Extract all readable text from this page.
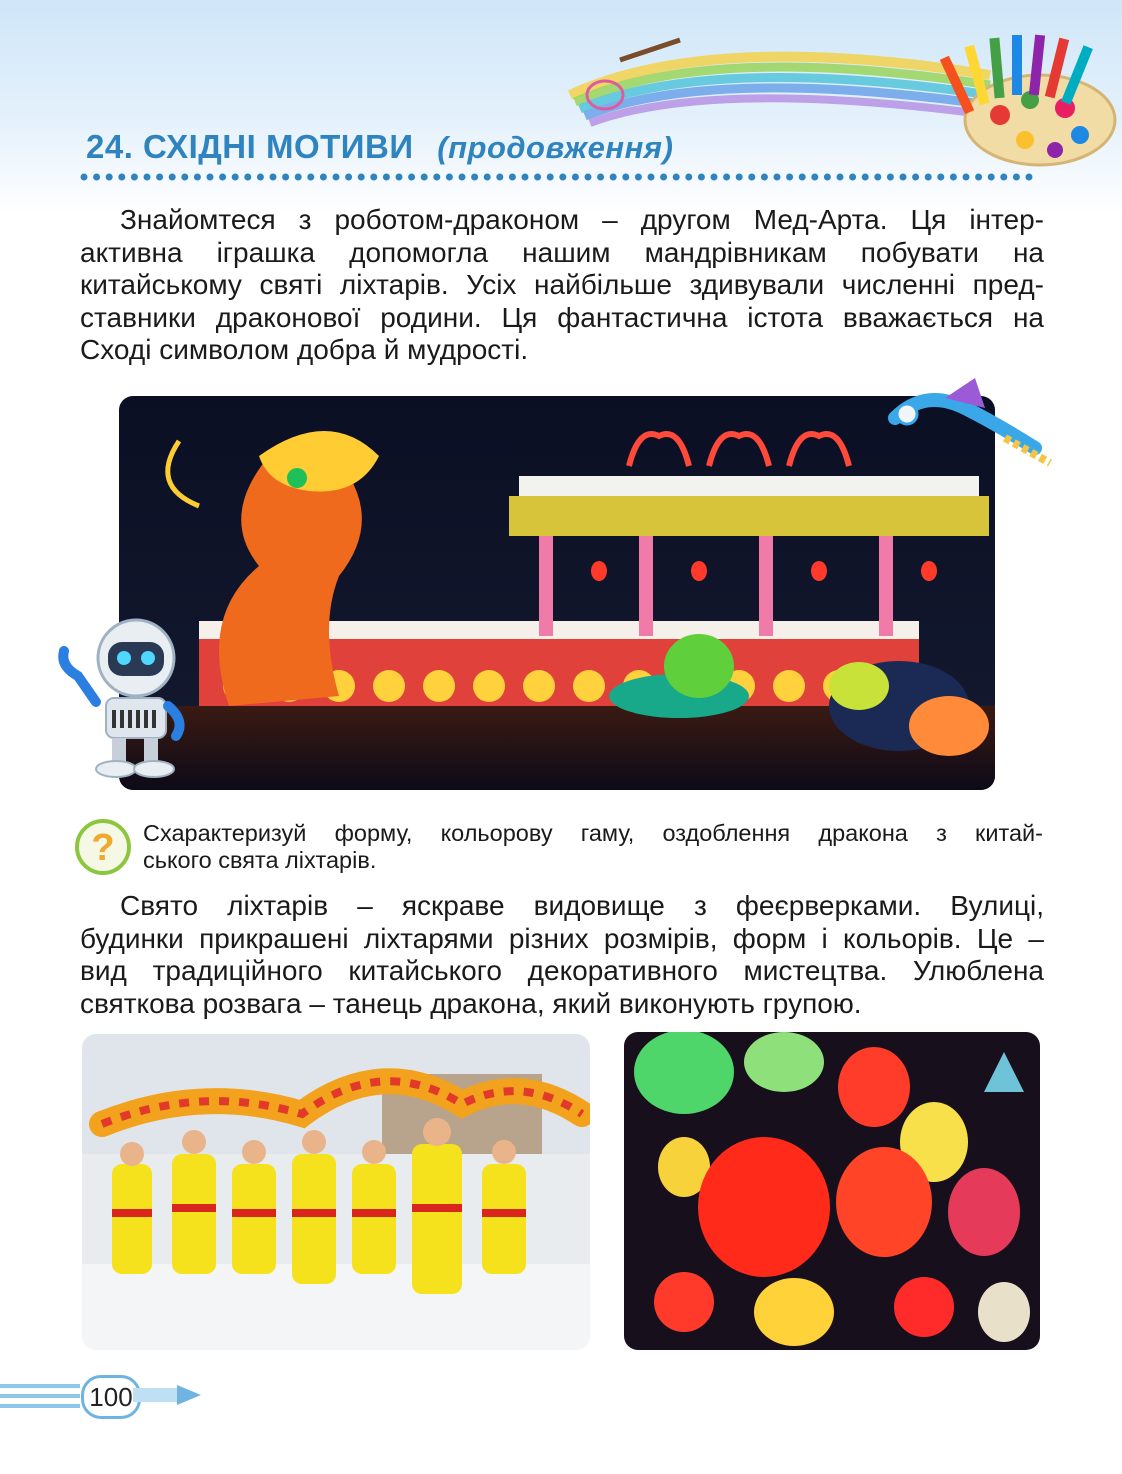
24. СХІДНІ МОТИВИ (продовження)
Знайомтеся з роботом-драконом – другом Мед-Арта. Ця інтер-
активна іграшка допомогла нашим мандрівникам побувати на
китайському святі ліхтарів. Усіх найбільше здивували численні пред-
ставники драконової родини. Ця фантастична істота вважається на
Сході символом добра й мудрості.
? Схарактеризуй форму, кольорову гаму, оздоблення дракона з китай-
ського свята ліхтарів.
Свято ліхтарів – яскраве видовище з феєрверками. Вулиці,
будинки прикрашені ліхтарями різних розмірів, форм і кольорів. Це –
вид традиційного китайського декоративного мистецтва. Улюблена
святкова розвага – танець дракона, який виконують групою.
100
